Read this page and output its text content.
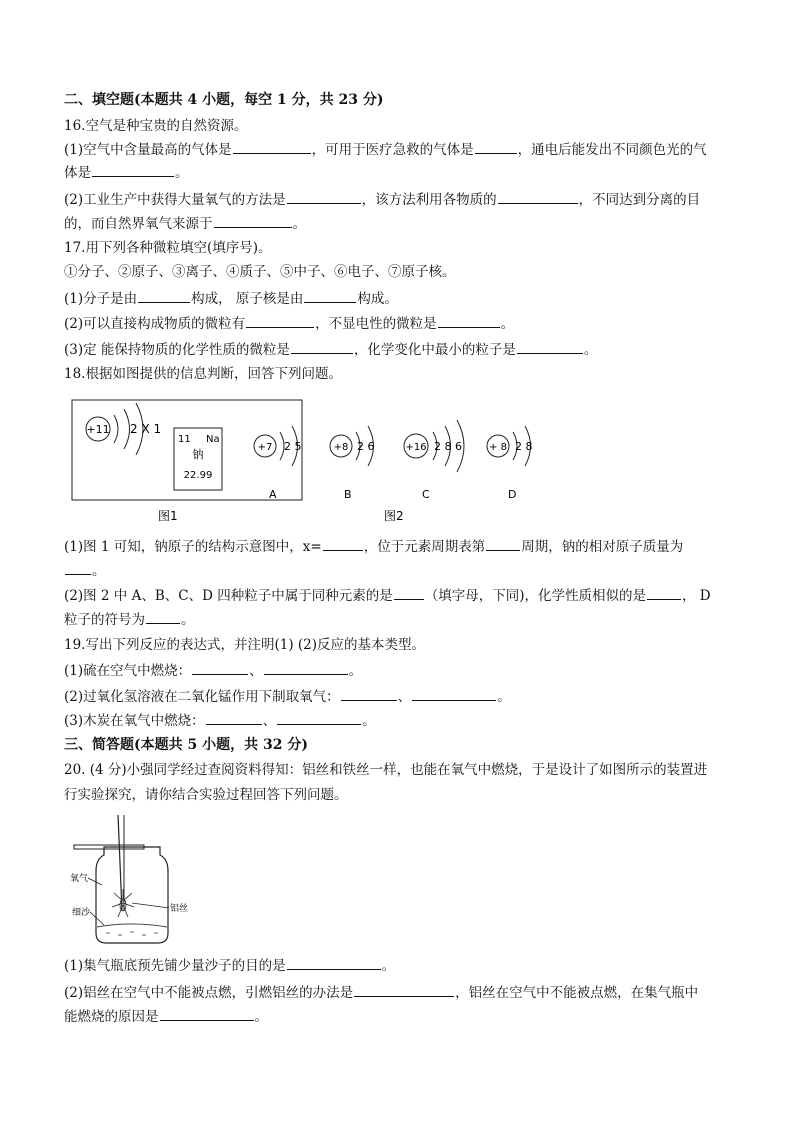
二、填空题(本题共 4 小题，每空 1 分，共 23 分)
16.空气是种宝贵的自然资源。
(1)空气中含量最高的气体是	，可用于医疗急救的气体是	，通电后能发出不同颜色光的气
体是	。
(2)工业生产中获得大量氧气的方法是	，该方法利用各物质的	，不同达到分离的目
的，而自然界氧气来源于	。
17.用下列各种微粒填空(填序号)。
①分子、②原子、③离子、④质子、⑤中子、⑥电子、⑦原子核。
(1)分子是由	构成， 原子核是由	构成。
(2)可以直接构成物质的微粒有	，不显电性的微粒是	。
(3)定 能保持物质的化学性质的微粒是	，化学变化中最小的粒子是	。
18.根据如图提供的信息判断，回答下列问题。
+11 2 X 1
11 Na
钠
22.99
图1
+7 2 5
A
+8 2 6
B
+16 2 8 6
C
+ 8 2 8
D
图2
(1)图 1 可知，钠原子的结构示意图中，x=	，位于元素周期表第	周期，钠的相对原子质量为
。
(2)图 2 中 A、B、C、D 四种粒子中属于同种元素的是 （填字母，下同)，化学性质相似的是	， D
粒子的符号为	。
19.写出下列反应的表达式，并注明(1) (2)反应的基本类型。
(1)硫在空气中燃烧：	、	。
(2)过氧化氢溶液在二氧化锰作用下制取氧气：	、	。
(3)木炭在氧气中燃烧：	、	。
三、简答题(本题共 5 小题，共 32 分)
20. (4 分)小强同学经过查阅资料得知：铝丝和铁丝一样，也能在氧气中燃烧，于是设计了如图所示的装置进
行实验探究，请你结合实验过程回答下列问题。
氧气
细沙	铝丝
(1)集气瓶底预先铺少量沙子的目的是	。
(2)铝丝在空气中不能被点燃，引燃铝丝的办法是	，铝丝在空气中不能被点燃，在集气瓶中
能燃烧的原因是	。
